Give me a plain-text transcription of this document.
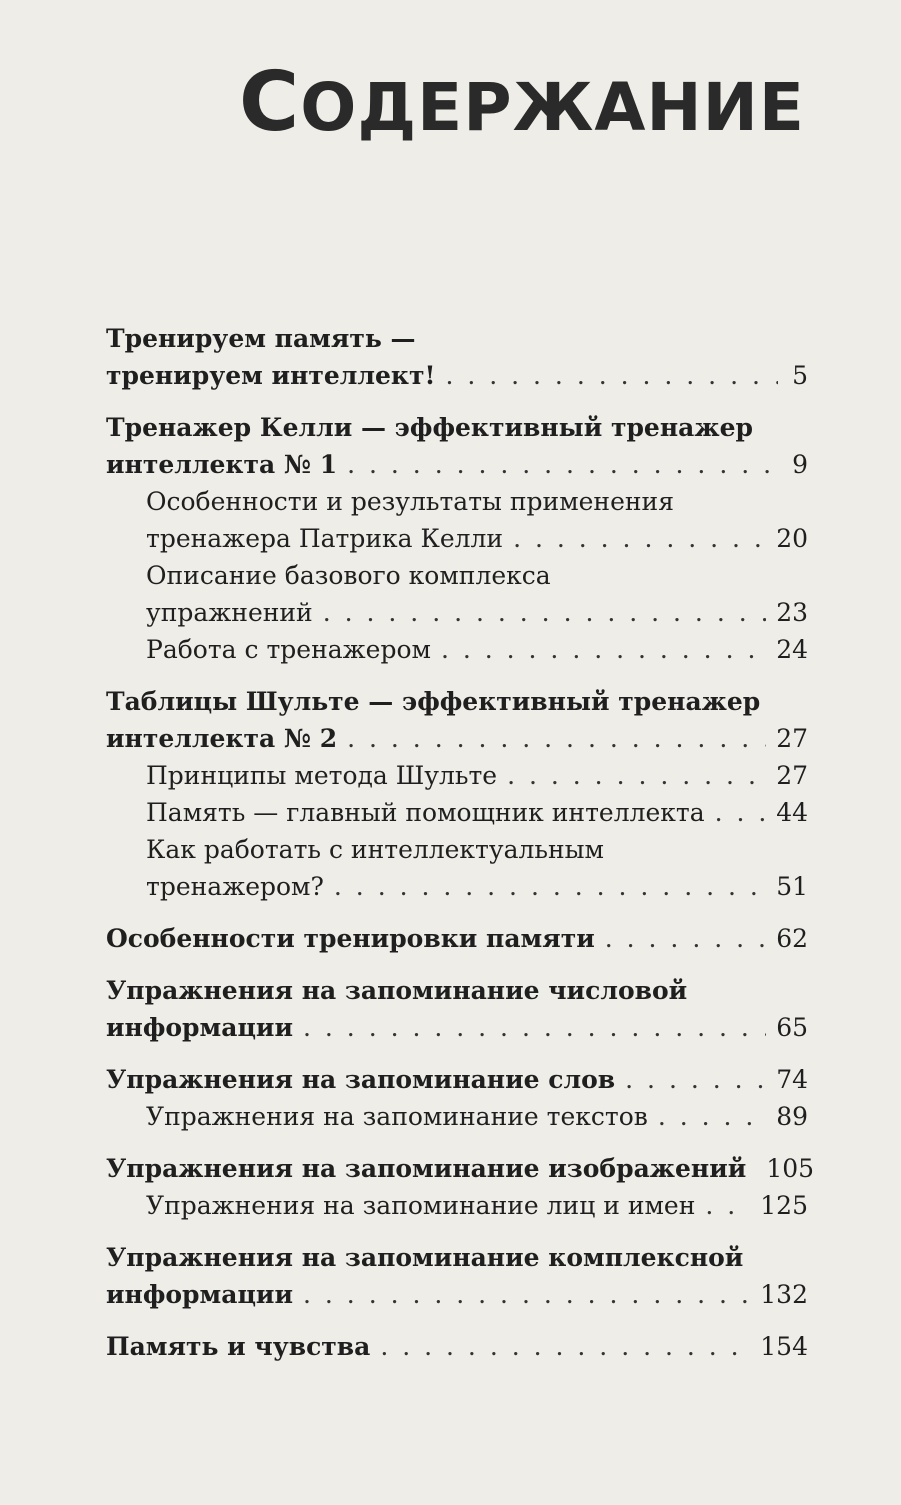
СОДЕРЖАНИЕ
Тренируем память —
тренируем интеллект! . . .	5
Тренажер Келли — эффективный тренажер
интеллекта № 1 . . .	9
Особенности и результаты применения
тренажера Патрика Келли . . .	20
Описание базового комплекса
упражнений . . .	23
Работа с тренажером . . .	24
Таблицы Шульте — эффективный тренажер
интеллекта № 2 . . .	27
Принципы метода Шульте . . .	27
Память — главный помощник интеллекта . . .	44
Как работать с интеллектуальным
тренажером? . . .	51
Особенности тренировки памяти . . .	62
Упражнения на запоминание числовой
информации . . .	65
Упражнения на запоминание слов . . .	74
Упражнения на запоминание текстов . . .	89
Упражнения на запоминание изображений 105
Упражнения на запоминание лиц и имен . . .	125
Упражнения на запоминание комплексной
информации . . .	132
Память и чувства . . .	154
